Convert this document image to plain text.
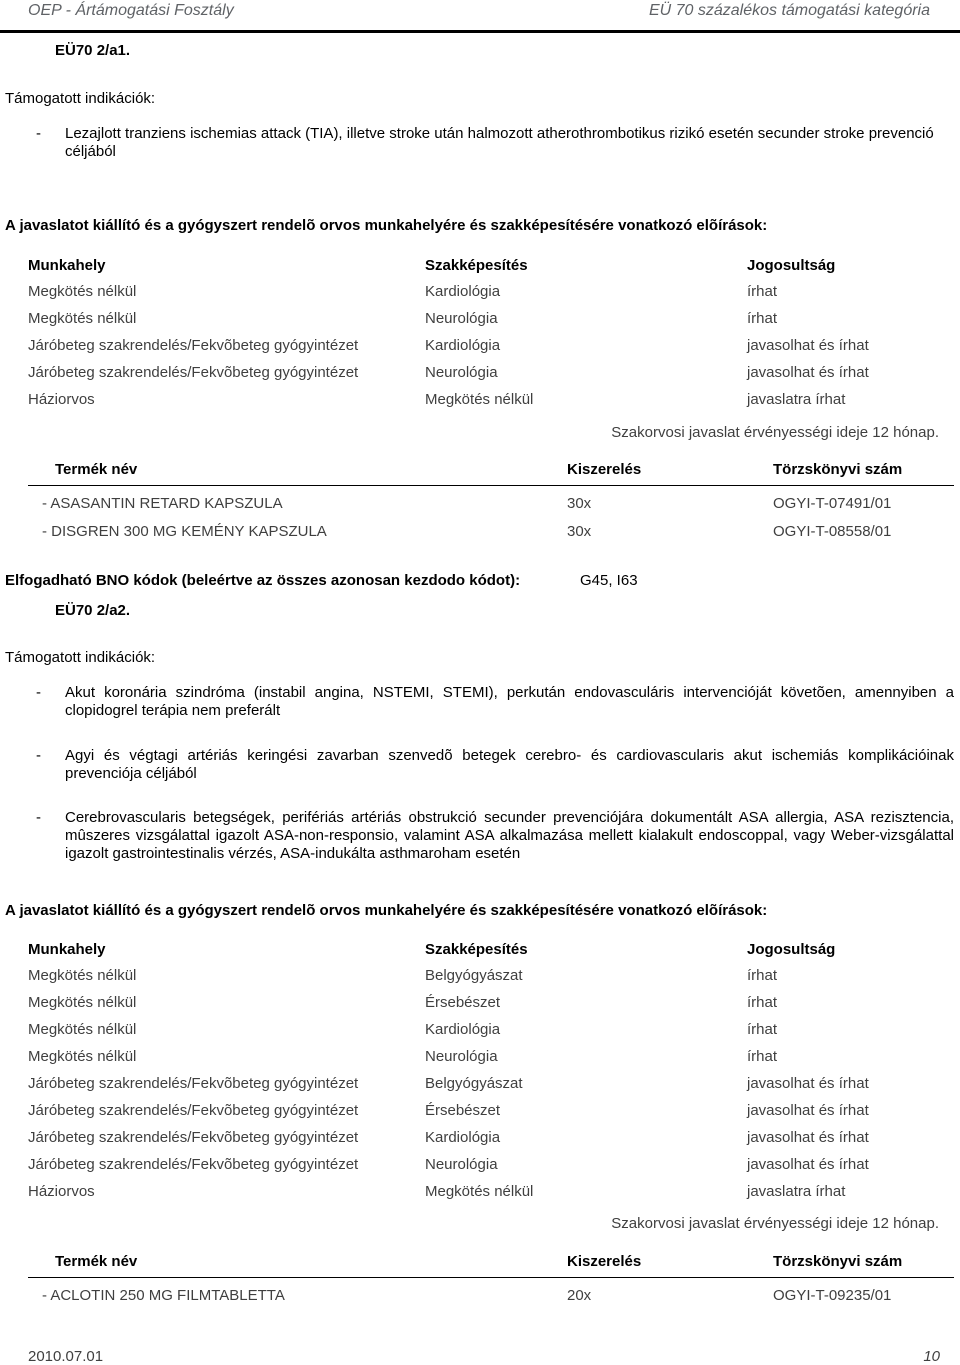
OEP - Ártámogatási Fosztály	EÜ 70 százalékos támogatási kategória
EÜ70 2/a1.
Támogatott indikációk:
- Lezajlott tranziens ischemias attack (TIA), illetve stroke után halmozott atherothrombotikus rizikó esetén secunder stroke prevenció céljából
A javaslatot kiállító és a gyógyszert rendelõ orvos munkahelyére és szakképesítésére vonatkozó elõírások:
Munkahely	Szakképesítés	Jogosultság
Megkötés nélkül	Kardiológia	írhat
Megkötés nélkül	Neurológia	írhat
Járóbeteg szakrendelés/Fekvõbeteg gyógyintézet	Kardiológia	javasolhat és írhat
Járóbeteg szakrendelés/Fekvõbeteg gyógyintézet	Neurológia	javasolhat és írhat
Háziorvos	Megkötés nélkül	javaslatra írhat
Szakorvosi javaslat érvényességi ideje 12 hónap.
Termék név	Kiszerelés	Törzskönyvi szám
- ASASANTIN RETARD KAPSZULA	30x	OGYI-T-07491/01
- DISGREN 300 MG KEMÉNY KAPSZULA	30x	OGYI-T-08558/01
Elfogadható BNO kódok (beleértve az összes azonosan kezdodo kódot):	G45, I63
EÜ70 2/a2.
Támogatott indikációk:
- Akut koronária szindróma (instabil angina, NSTEMI, STEMI), perkután endovasculáris intervencióját követõen, amennyiben a clopidogrel terápia nem preferált
- Agyi és végtagi artériás keringési zavarban szenvedõ betegek cerebro- és cardiovascularis akut ischemiás komplikációinak prevenciója céljából
- Cerebrovascularis betegségek, perifériás artériás obstrukció secunder prevenciójára dokumentált ASA allergia, ASA rezisztencia, mûszeres vizsgálattal igazolt ASA-non-responsio, valamint ASA alkalmazása mellett kialakult endoscoppal, vagy Weber-vizsgálattal igazolt gastrointestinalis vérzés, ASA-indukálta asthmaroham esetén
A javaslatot kiállító és a gyógyszert rendelõ orvos munkahelyére és szakképesítésére vonatkozó elõírások:
Munkahely	Szakképesítés	Jogosultság
Megkötés nélkül	Belgyógyászat	írhat
Megkötés nélkül	Érsebészet	írhat
Megkötés nélkül	Kardiológia	írhat
Megkötés nélkül	Neurológia	írhat
Járóbeteg szakrendelés/Fekvõbeteg gyógyintézet	Belgyógyászat	javasolhat és írhat
Járóbeteg szakrendelés/Fekvõbeteg gyógyintézet	Érsebészet	javasolhat és írhat
Járóbeteg szakrendelés/Fekvõbeteg gyógyintézet	Kardiológia	javasolhat és írhat
Járóbeteg szakrendelés/Fekvõbeteg gyógyintézet	Neurológia	javasolhat és írhat
Háziorvos	Megkötés nélkül	javaslatra írhat
Szakorvosi javaslat érvényességi ideje 12 hónap.
Termék név	Kiszerelés	Törzskönyvi szám
- ACLOTIN 250 MG FILMTABLETTA	20x	OGYI-T-09235/01
2010.07.01	10
